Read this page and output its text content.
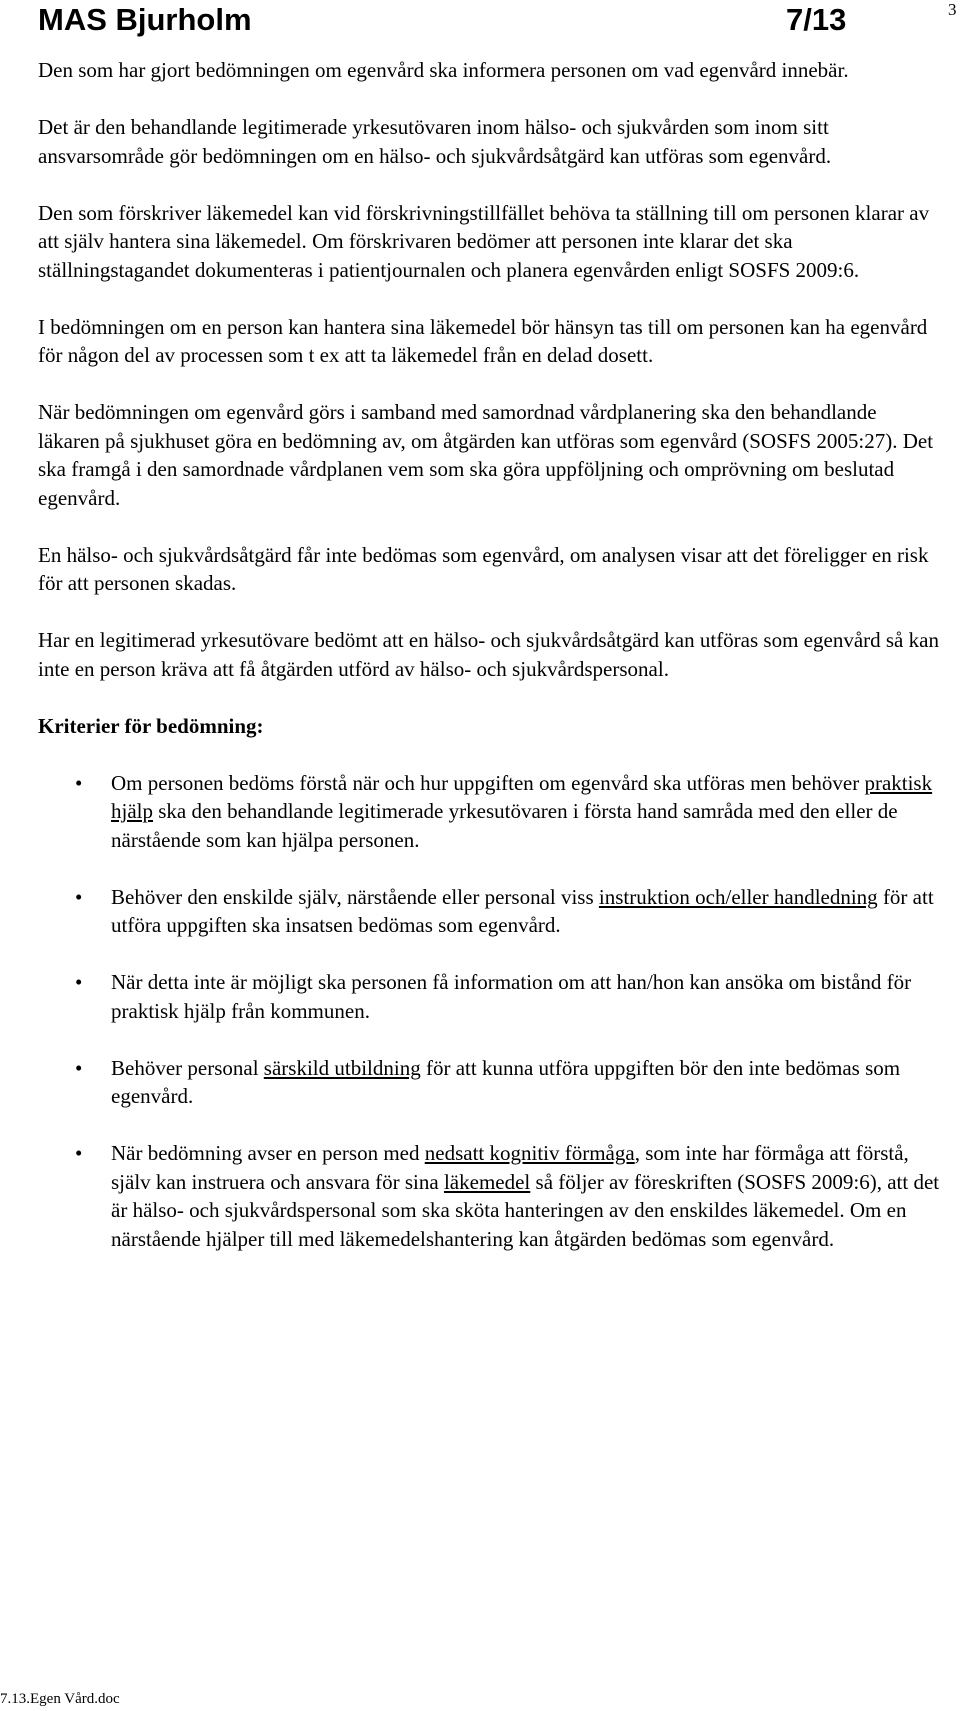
MAS Bjurholm	7/13	3

Den som har gjort bedömningen om egenvård ska informera personen om vad egenvård innebär.

Det är den behandlande legitimerade yrkesutövaren inom hälso- och sjukvården som inom sitt ansvarsområde gör bedömningen om en hälso- och sjukvårdsåtgärd kan utföras som egenvård.

Den som förskriver läkemedel kan vid förskrivningstillfället behöva ta ställning till om personen klarar av att själv hantera sina läkemedel. Om förskrivaren bedömer att personen inte klarar det ska ställningstagandet dokumenteras i patientjournalen och planera egenvården enligt SOSFS 2009:6.

I bedömningen om en person kan hantera sina läkemedel bör hänsyn tas till om personen kan ha egenvård för någon del av processen som t ex att ta läkemedel från en delad dosett.

När bedömningen om egenvård görs i samband med samordnad vårdplanering ska den behandlande läkaren på sjukhuset göra en bedömning av, om åtgärden kan utföras som egenvård (SOSFS 2005:27). Det ska framgå i den samordnade vårdplanen vem som ska göra uppföljning och omprövning om beslutad egenvård.

En hälso- och sjukvårdsåtgärd får inte bedömas som egenvård, om analysen visar att det föreligger en risk för att personen skadas.

Har en legitimerad yrkesutövare bedömt att en hälso- och sjukvårdsåtgärd kan utföras som egenvård så kan inte en person kräva att få åtgärden utförd av hälso- och sjukvårdspersonal.

Kriterier för bedömning:
• Om personen bedöms förstå när och hur uppgiften om egenvård ska utföras men behöver praktisk hjälp ska den behandlande legitimerade yrkesutövaren i första hand samråda med den eller de närstående som kan hjälpa personen.
• Behöver den enskilde själv, närstående eller personal viss instruktion och/eller handledning för att utföra uppgiften ska insatsen bedömas som egenvård.
• När detta inte är möjligt ska personen få information om att han/hon kan ansöka om bistånd för praktisk hjälp från kommunen.
• Behöver personal särskild utbildning för att kunna utföra uppgiften bör den inte bedömas som egenvård.
• När bedömning avser en person med nedsatt kognitiv förmåga, som inte har förmåga att förstå, själv kan instruera och ansvara för sina läkemedel så följer av föreskriften (SOSFS 2009:6), att det är hälso- och sjukvårdspersonal som ska sköta hanteringen av den enskildes läkemedel. Om en närstående hjälper till med läkemedelshantering kan åtgärden bedömas som egenvård.
7.13.Egen Vård.doc
